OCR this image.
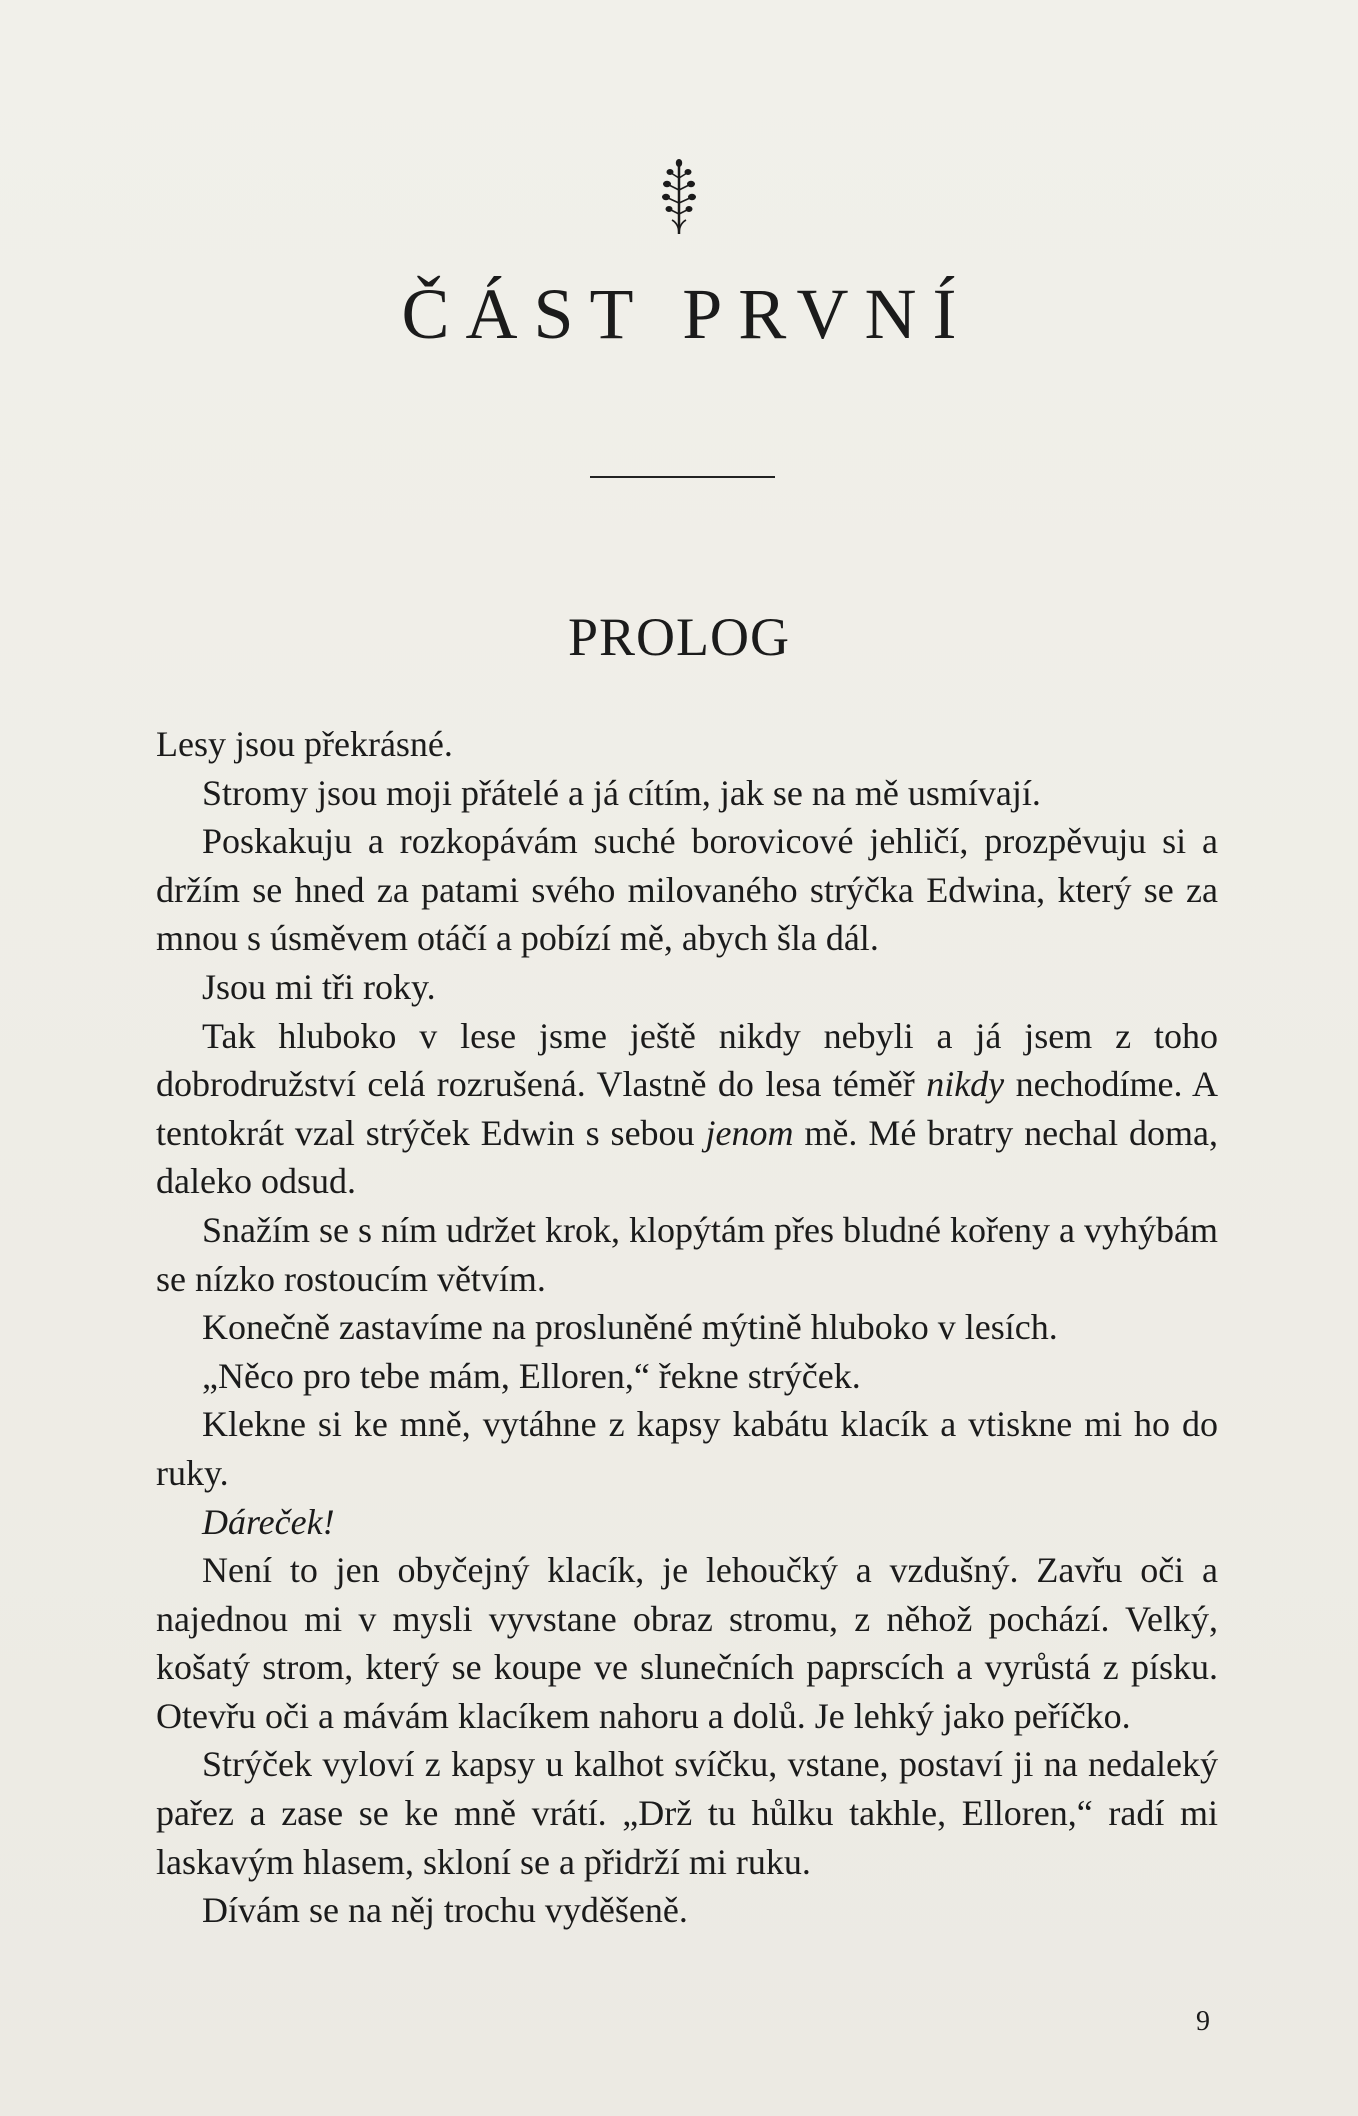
ČÁST PRVNÍ
PROLOG

Lesy jsou překrásné.

Stromy jsou moji přátelé a já cítím, jak se na mě usmívají.

Poskakuju a rozkopávám suché borovicové jehličí, prozpěvuju si a držím se hned za patami svého milovaného strýčka Edwina, který se za mnou s úsměvem otáčí a pobízí mě, abych šla dál.

Jsou mi tři roky.

Tak hluboko v lese jsme ještě nikdy nebyli a já jsem z toho dobrodružství celá rozrušená. Vlastně do lesa téměř nikdy nechodíme. A tentokrát vzal strýček Edwin s sebou jenom mě. Mé bratry nechal doma, daleko odsud.

Snažím se s ním udržet krok, klopýtám přes bludné kořeny a vyhýbám se nízko rostoucím větvím.

Konečně zastavíme na prosluněné mýtině hluboko v lesích.

„Něco pro tebe mám, Elloren,“ řekne strýček.

Klekne si ke mně, vytáhne z kapsy kabátu klacík a vtiskne mi ho do ruky.

Dáreček!

Není to jen obyčejný klacík, je lehoučký a vzdušný. Zavřu oči a najednou mi v mysli vyvstane obraz stromu, z něhož pochází. Velký, košatý strom, který se koupe ve slunečních paprscích a vyrůstá z písku. Otevřu oči a mávám klacíkem nahoru a dolů. Je lehký jako peříčko.

Strýček vyloví z kapsy u kalhot svíčku, vstane, postaví ji na nedaleký pařez a zase se ke mně vrátí. „Drž tu hůlku takhle, Elloren,“ radí mi laskavým hlasem, skloní se a přidrží mi ruku.

Dívám se na něj trochu vyděšeně.

9
